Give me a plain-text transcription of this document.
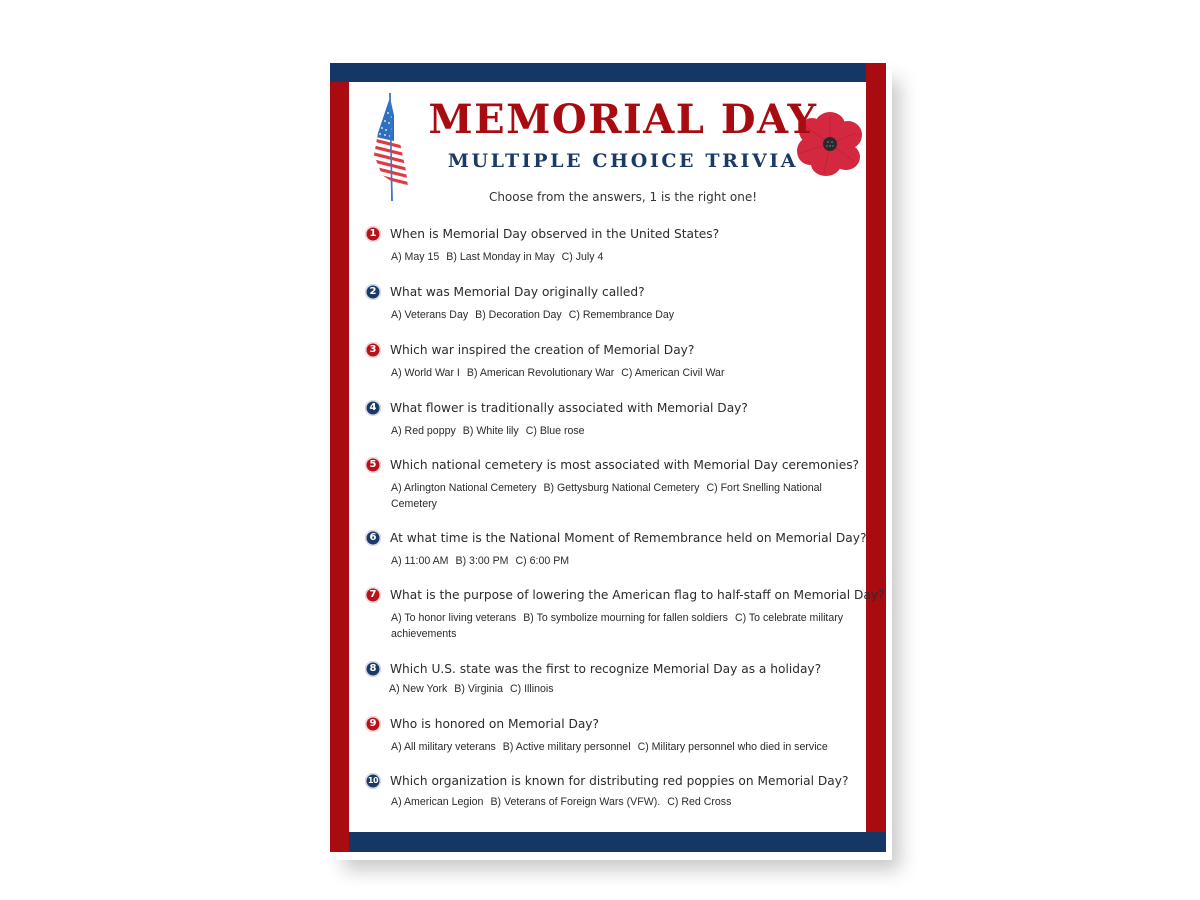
MEMORIAL DAY
MULTIPLE CHOICE TRIVIA
Choose from the answers, 1 is the right one!
1	When is Memorial Day observed in the United States?
A) May 15 B) Last Monday in May C) July 4
2	What was Memorial Day originally called?
A) Veterans Day B) Decoration Day C) Remembrance Day
3	Which war inspired the creation of Memorial Day?
A) World War I B) American Revolutionary War C) American Civil War
4	What flower is traditionally associated with Memorial Day?
A) Red poppy B) White lily C) Blue rose
5	Which national cemetery is most associated with Memorial Day ceremonies?
A) Arlington National Cemetery B) Gettysburg National Cemetery C) Fort Snelling National Cemetery
6	At what time is the National Moment of Remembrance held on Memorial Day?
A) 11:00 AM B) 3:00 PM C) 6:00 PM
7	What is the purpose of lowering the American flag to half-staff on Memorial Day?
A) To honor living veterans B) To symbolize mourning for fallen soldiers C) To celebrate military achievements
8	Which U.S. state was the first to recognize Memorial Day as a holiday?
A) New York B) Virginia C) Illinois
9	Who is honored on Memorial Day?
A) All military veterans B) Active military personnel C) Military personnel who died in service
10 Which organization is known for distributing red poppies on Memorial Day?
A) American Legion B) Veterans of Foreign Wars (VFW). C) Red Cross
